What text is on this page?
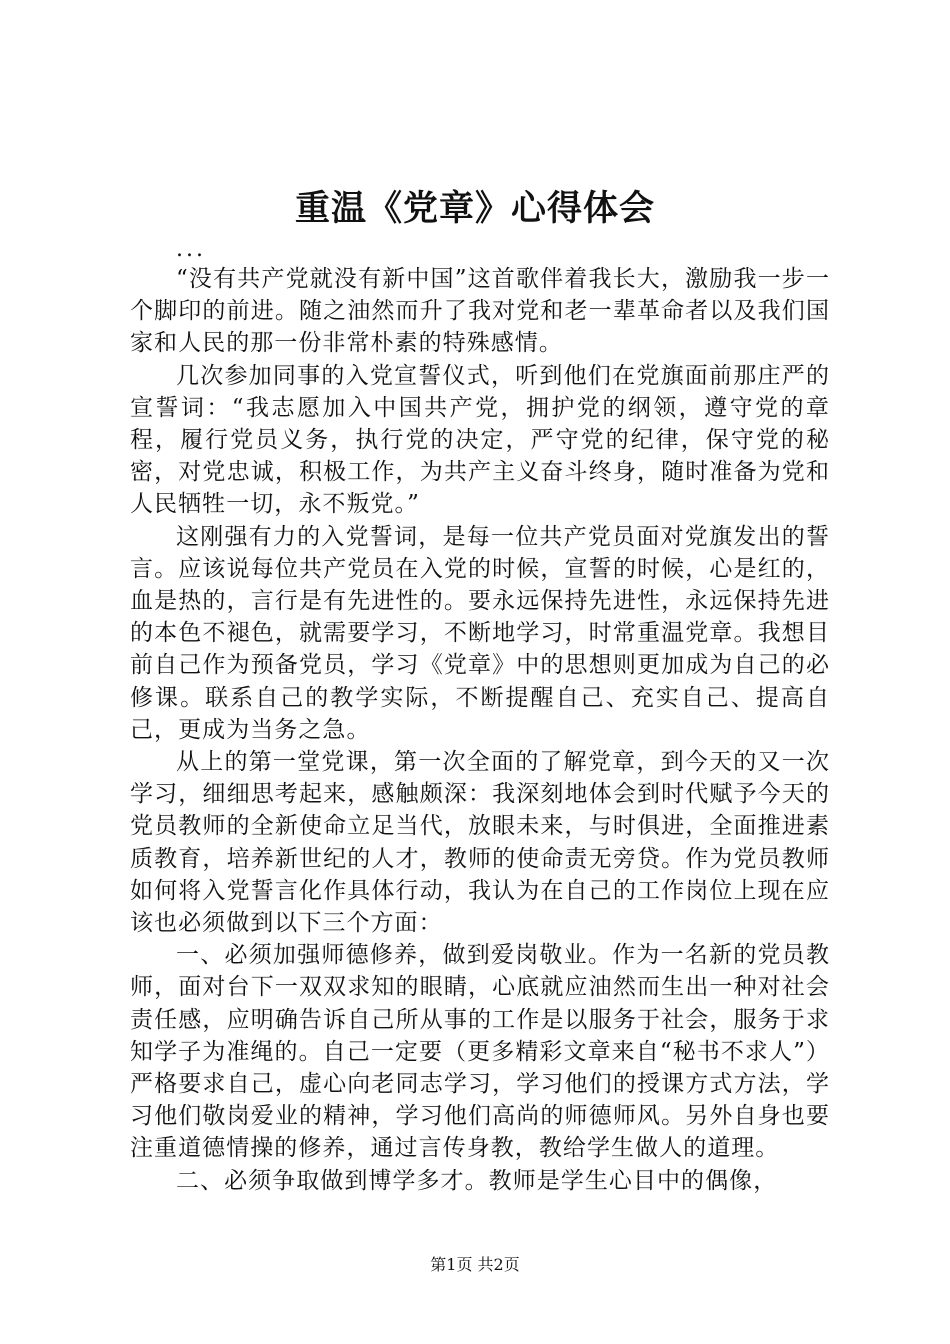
重温《党章》心得体会
...

“没有共产党就没有新中国”这首歌伴着我长大，激励我一步一个脚印的前进。随之油然而升了我对党和老一辈革命者以及我们国家和人民的那一份非常朴素的特殊感情。

几次参加同事的入党宣誓仪式，听到他们在党旗面前那庄严的宣誓词：“我志愿加入中国共产党，拥护党的纲领，遵守党的章程，履行党员义务，执行党的决定，严守党的纪律，保守党的秘密，对党忠诚，积极工作，为共产主义奋斗终身，随时准备为党和人民牺牲一切，永不叛党。”

这刚强有力的入党誓词，是每一位共产党员面对党旗发出的誓言。应该说每位共产党员在入党的时候，宣誓的时候，心是红的，血是热的，言行是有先进性的。要永远保持先进性，永远保持先进的本色不褪色，就需要学习，不断地学习，时常重温党章。我想目前自己作为预备党员，学习《党章》中的思想则更加成为自己的必修课。联系自己的教学实际，不断提醒自己、充实自己、提高自己，更成为当务之急。

从上的第一堂党课，第一次全面的了解党章，到今天的又一次学习，细细思考起来，感触颇深：我深刻地体会到时代赋予今天的党员教师的全新使命立足当代，放眼未来，与时俱进，全面推进素质教育，培养新世纪的人才，教师的使命责无旁贷。作为党员教师如何将入党誓言化作具体行动，我认为在自己的工作岗位上现在应该也必须做到以下三个方面：

一、必须加强师德修养，做到爱岗敬业。作为一名新的党员教师，面对台下一双双求知的眼睛，心底就应油然而生出一种对社会责任感，应明确告诉自己所从事的工作是以服务于社会，服务于求知学子为准绳的。自己一定要（更多精彩文章来自“秘书不求人”）严格要求自己，虚心向老同志学习，学习他们的授课方式方法，学习他们敬岗爱业的精神，学习他们高尚的师德师风。另外自身也要注重道德情操的修养，通过言传身教，教给学生做人的道理。

二、必须争取做到博学多才。教师是学生心目中的偶像，

第1页 共2页
